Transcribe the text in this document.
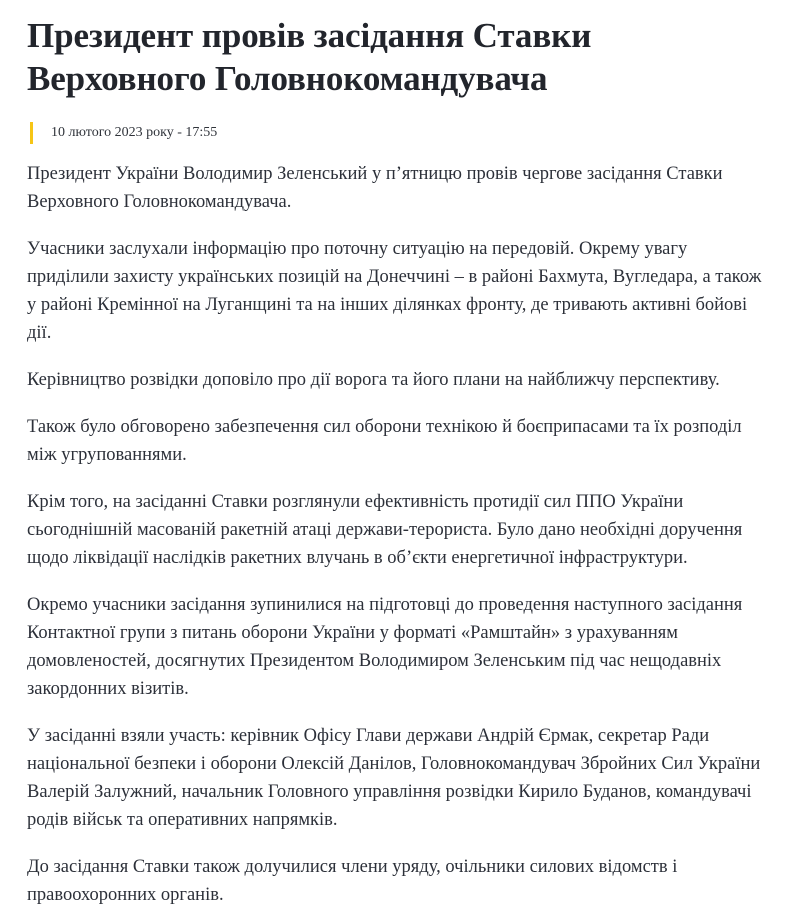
Президент провів засідання Ставки Верховного Головнокомандувача
10 лютого 2023 року - 17:55

Президент України Володимир Зеленський у п’ятницю провів чергове засідання Ставки Верховного Головнокомандувача.

Учасники заслухали інформацію про поточну ситуацію на передовій. Окрему увагу приділили захисту українських позицій на Донеччині – в районі Бахмута, Вугледара, а також у районі Кремінної на Луганщині та на інших ділянках фронту, де тривають активні бойові дії.

Керівництво розвідки доповіло про дії ворога та його плани на найближчу перспективу.

Також було обговорено забезпечення сил оборони технікою й боєприпасами та їх розподіл між угрупованнями.

Крім того, на засіданні Ставки розглянули ефективність протидії сил ППО України сьогоднішній масованій ракетній атаці держави-терориста. Було дано необхідні доручення щодо ліквідації наслідків ракетних влучань в об’єкти енергетичної інфраструктури.

Окремо учасники засідання зупинилися на підготовці до проведення наступного засідання Контактної групи з питань оборони України у форматі «Рамштайн» з урахуванням домовленостей, досягнутих Президентом Володимиром Зеленським під час нещодавніх закордонних візитів.

У засіданні взяли участь: керівник Офісу Глави держави Андрій Єрмак, секретар Ради національної безпеки і оборони Олексій Данілов, Головнокомандувач Збройних Сил України Валерій Залужний, начальник Головного управління розвідки Кирило Буданов, командувачі родів військ та оперативних напрямків.

До засідання Ставки також долучилися члени уряду, очільники силових відомств і правоохоронних органів.
